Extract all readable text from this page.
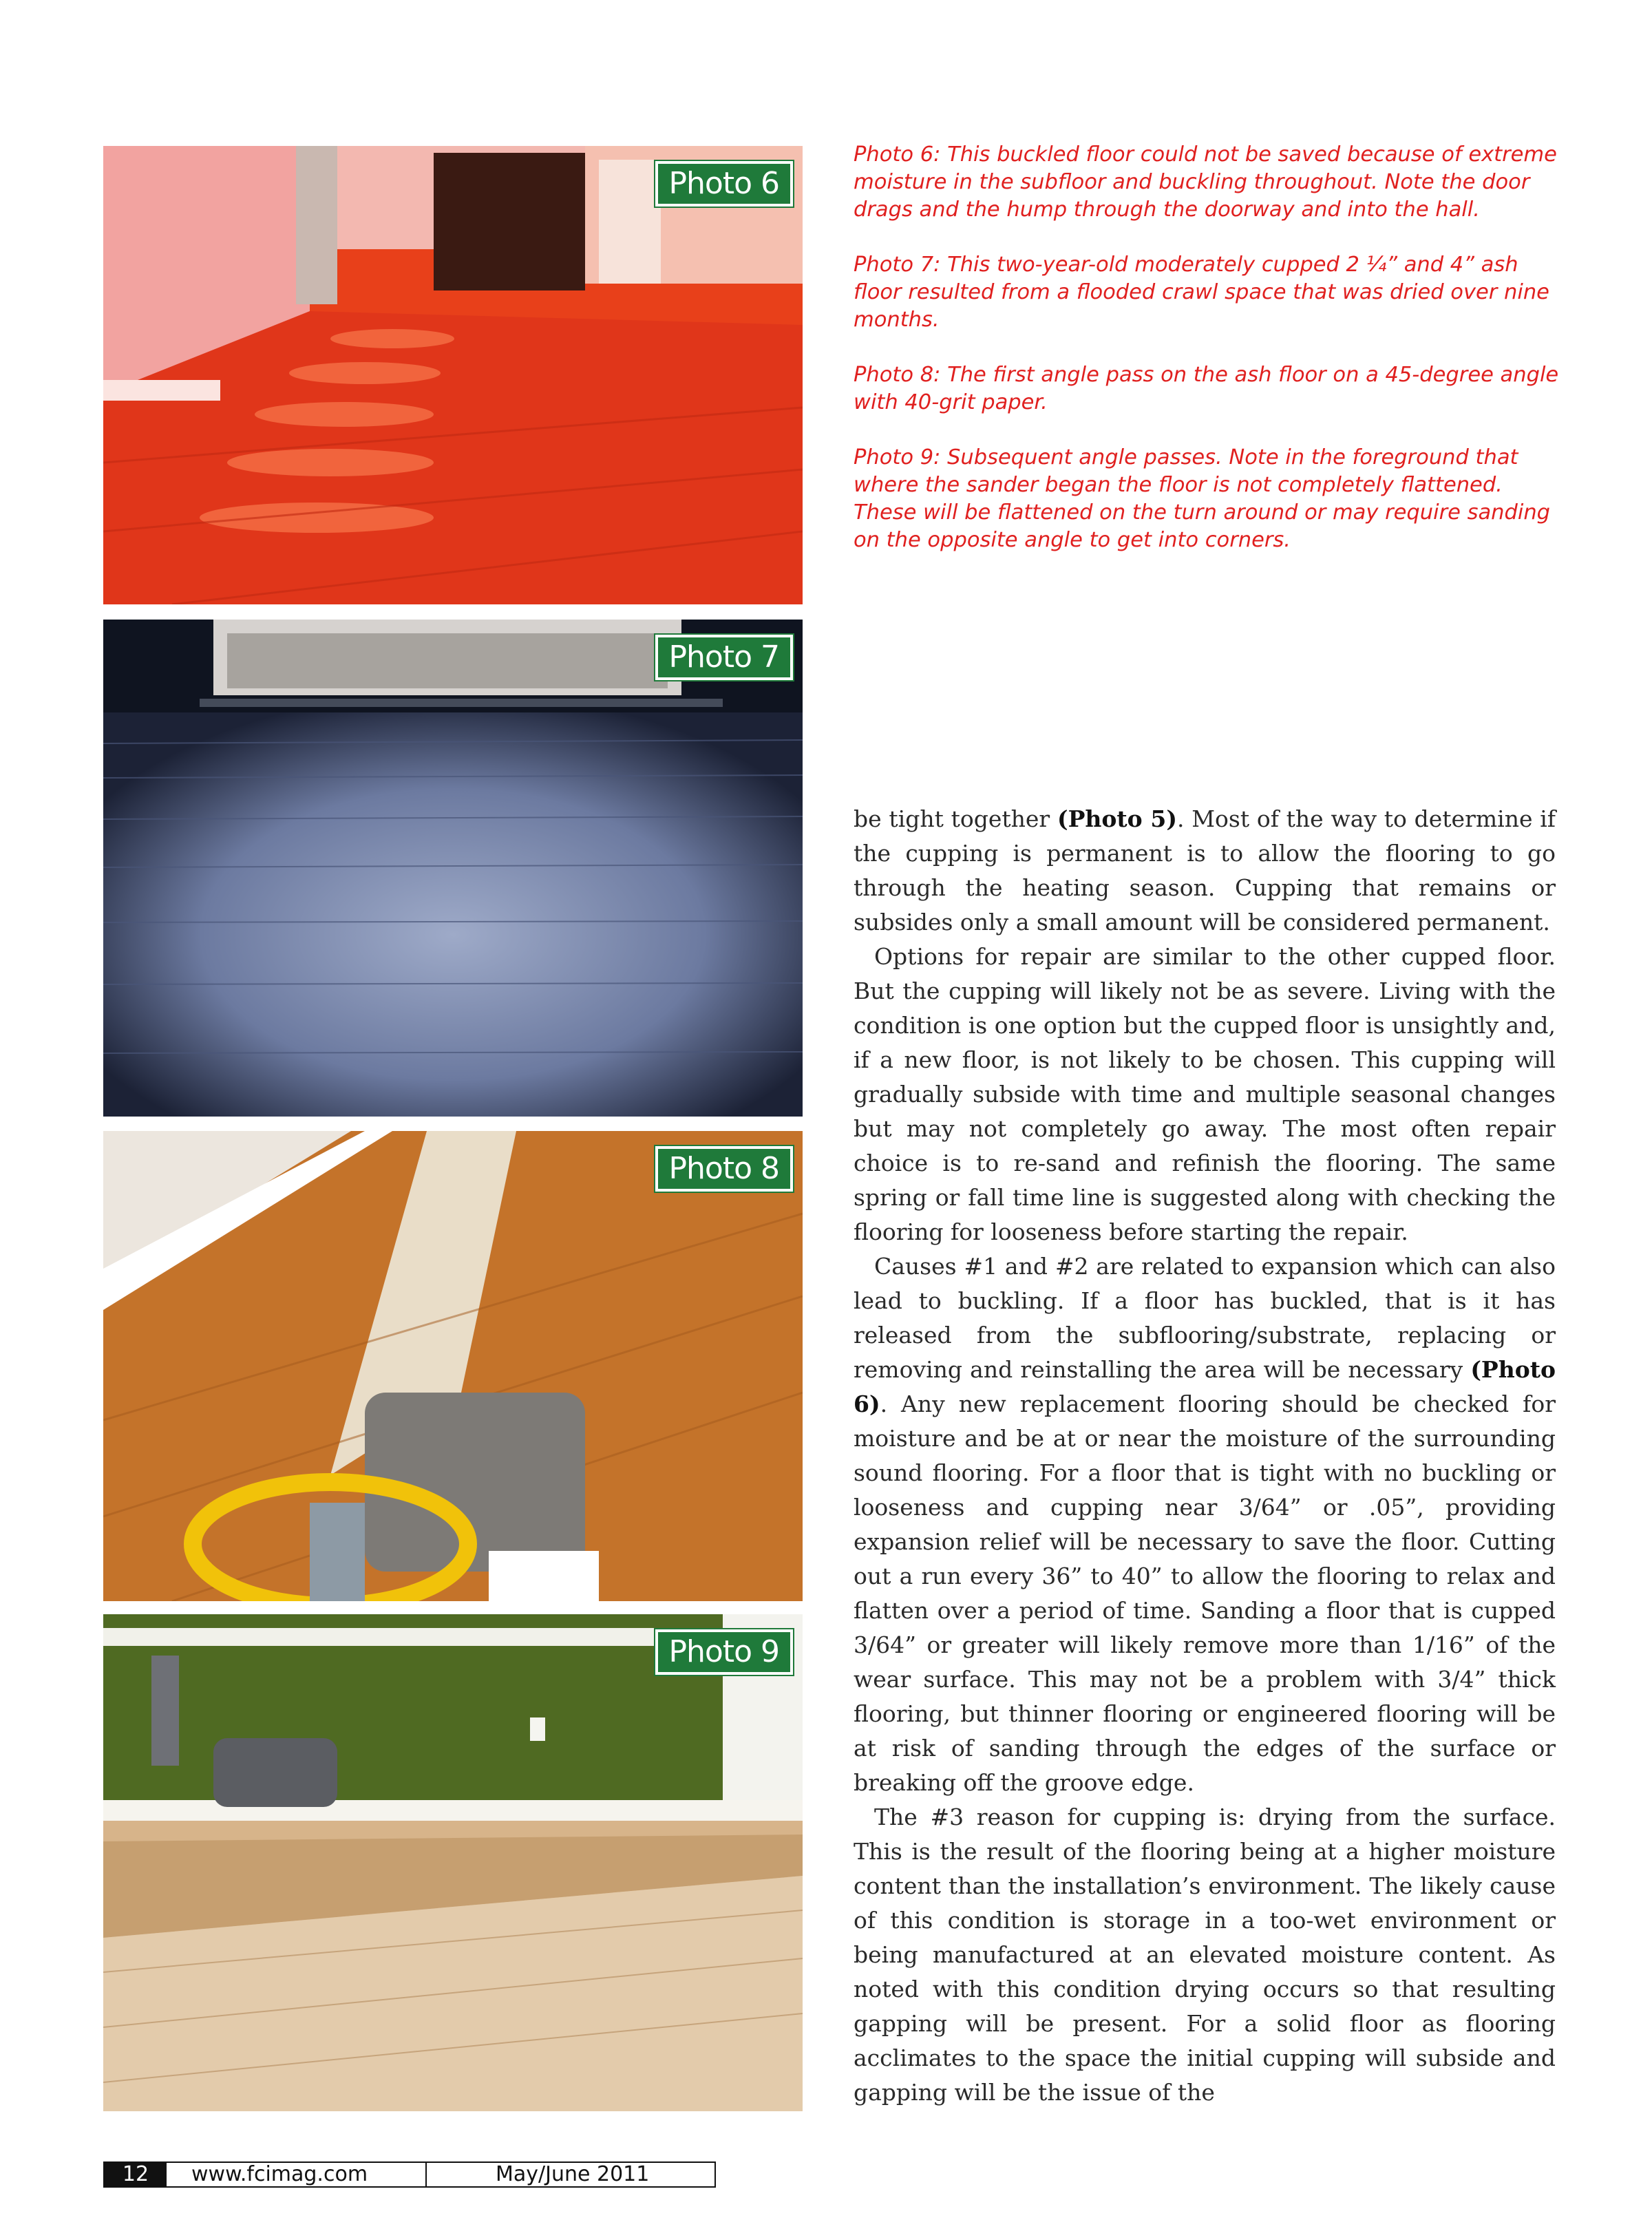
Photo 6
Photo 7
Photo 8
Photo 9

Photo 6: This buckled floor could not be saved because of extreme moisture in the subfloor and buckling throughout. Note the door drags and the hump through the doorway and into the hall.

Photo 7: This two-year-old moderately cupped 2 ¼” and 4” ash floor resulted from a flooded crawl space that was dried over nine months.

Photo 8: The first angle pass on the ash floor on a 45-degree angle with 40-grit paper.

Photo 9: Subsequent angle passes. Note in the foreground that where the sander began the floor is not completely flattened. These will be flattened on the turn around or may require sanding on the opposite angle to get into corners.

be tight together (Photo 5). Most of the way to determine if the cupping is permanent is to allow the flooring to go through the heating season. Cupping that remains or subsides only a small amount will be considered permanent.

Options for repair are similar to the other cupped floor. But the cupping will likely not be as severe. Living with the condition is one option but the cupped floor is unsightly and, if a new floor, is not likely to be chosen. This cupping will gradually subside with time and multiple seasonal changes but may not completely go away. The most often repair choice is to re-sand and refinish the flooring. The same spring or fall time line is suggested along with checking the flooring for looseness before starting the repair.

Causes #1 and #2 are related to expansion which can also lead to buckling. If a floor has buckled, that is it has released from the subflooring/substrate, replacing or removing and reinstalling the area will be necessary (Photo 6). Any new replacement flooring should be checked for moisture and be at or near the moisture of the surrounding sound flooring. For a floor that is tight with no buckling or looseness and cupping near 3/64” or .05”, providing expansion relief will be necessary to save the floor. Cutting out a run every 36” to 40” to allow the flooring to relax and flatten over a period of time. Sanding a floor that is cupped 3/64” or greater will likely remove more than 1/16” of the wear surface. This may not be a problem with 3/4” thick flooring, but thinner flooring or engineered flooring will be at risk of sanding through the edges of the surface or breaking off the groove edge.

The #3 reason for cupping is: drying from the surface. This is the result of the flooring being at a higher moisture content than the installation’s environment. The likely cause of this condition is storage in a too-wet environment or being manufactured at an elevated moisture content. As noted with this condition drying occurs so that resulting gapping will be present. For a solid floor as flooring acclimates to the space the initial cupping will subside and gapping will be the issue of the

12	www.fcimag.com	May/June 2011
